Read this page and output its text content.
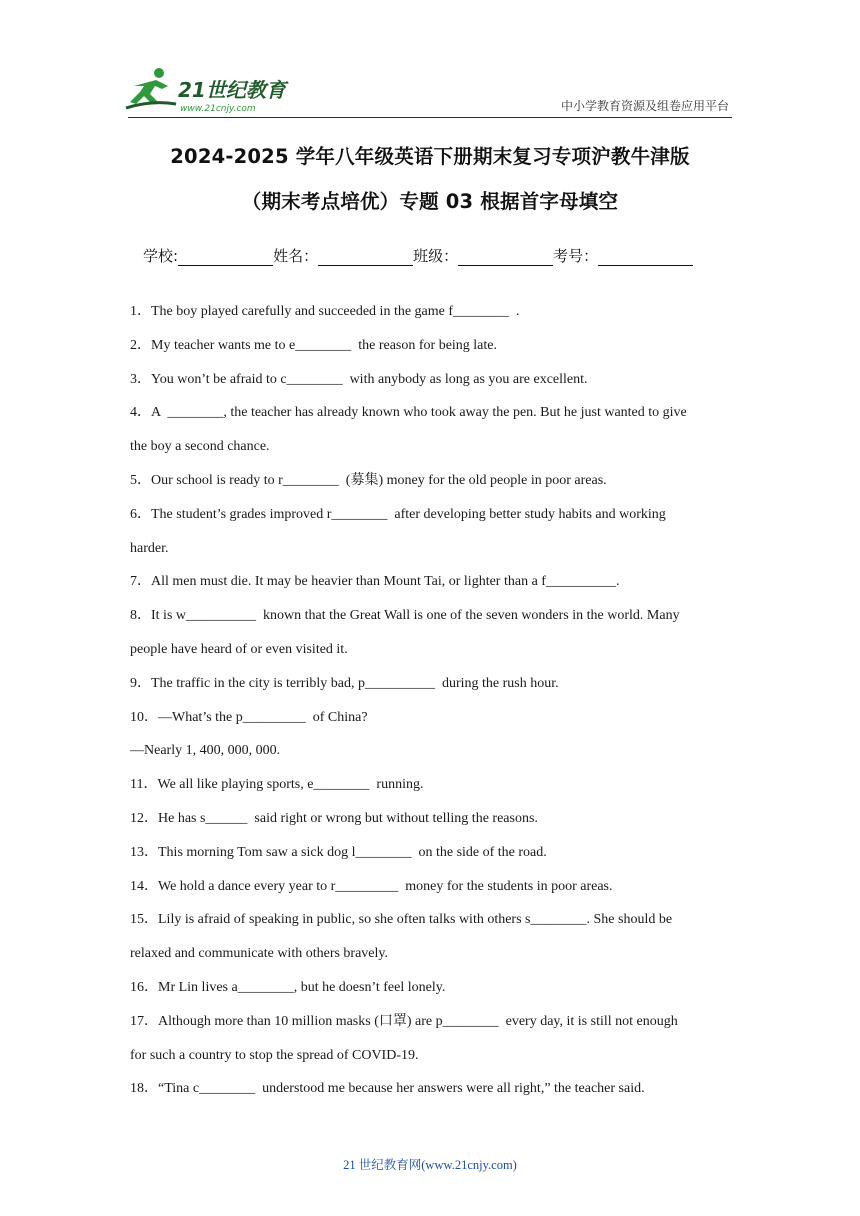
21世纪教育
www.21cnjy.com	中小学教育资源及组卷应用平台
2024-2025 学年八年级英语下册期末复习专项沪教牛津版
（期末考点培优）专题 03 根据首字母填空
学校:	姓名：	班级：	考号：
1．The boy played carefully and succeeded in the game f________  .
2．My teacher wants me to e________  the reason for being late.
3．You won’t be afraid to c________  with anybody as long as you are excellent.
4．A  ________, the teacher has already known who took away the pen. But he just wanted to give
the boy a second chance.
5．Our school is ready to r________  (募集) money for the old people in poor areas.
6．The student’s grades improved r________  after developing better study habits and working
harder.
7．All men must die. It may be heavier than Mount Tai, or lighter than a f__________.
8．It is w__________  known that the Great Wall is one of the seven wonders in the world. Many
people have heard of or even visited it.
9．The traffic in the city is terribly bad, p__________  during the rush hour.
10．—What’s the p_________  of China?
—Nearly 1, 400, 000, 000.
11．We all like playing sports, e________  running.
12．He has s______  said right or wrong but without telling the reasons.
13．This morning Tom saw a sick dog l________  on the side of the road.
14．We hold a dance every year to r_________  money for the students in poor areas.
15．Lily is afraid of speaking in public, so she often talks with others s________. She should be
relaxed and communicate with others bravely.
16．Mr Lin lives a________, but he doesn’t feel lonely.
17．Although more than 10 million masks (口罩) are p________  every day, it is still not enough
for such a country to stop the spread of COVID-19.
18．“Tina c________  understood me because her answers were all right,” the teacher said.
21 世纪教育网(www.21cnjy.com)
